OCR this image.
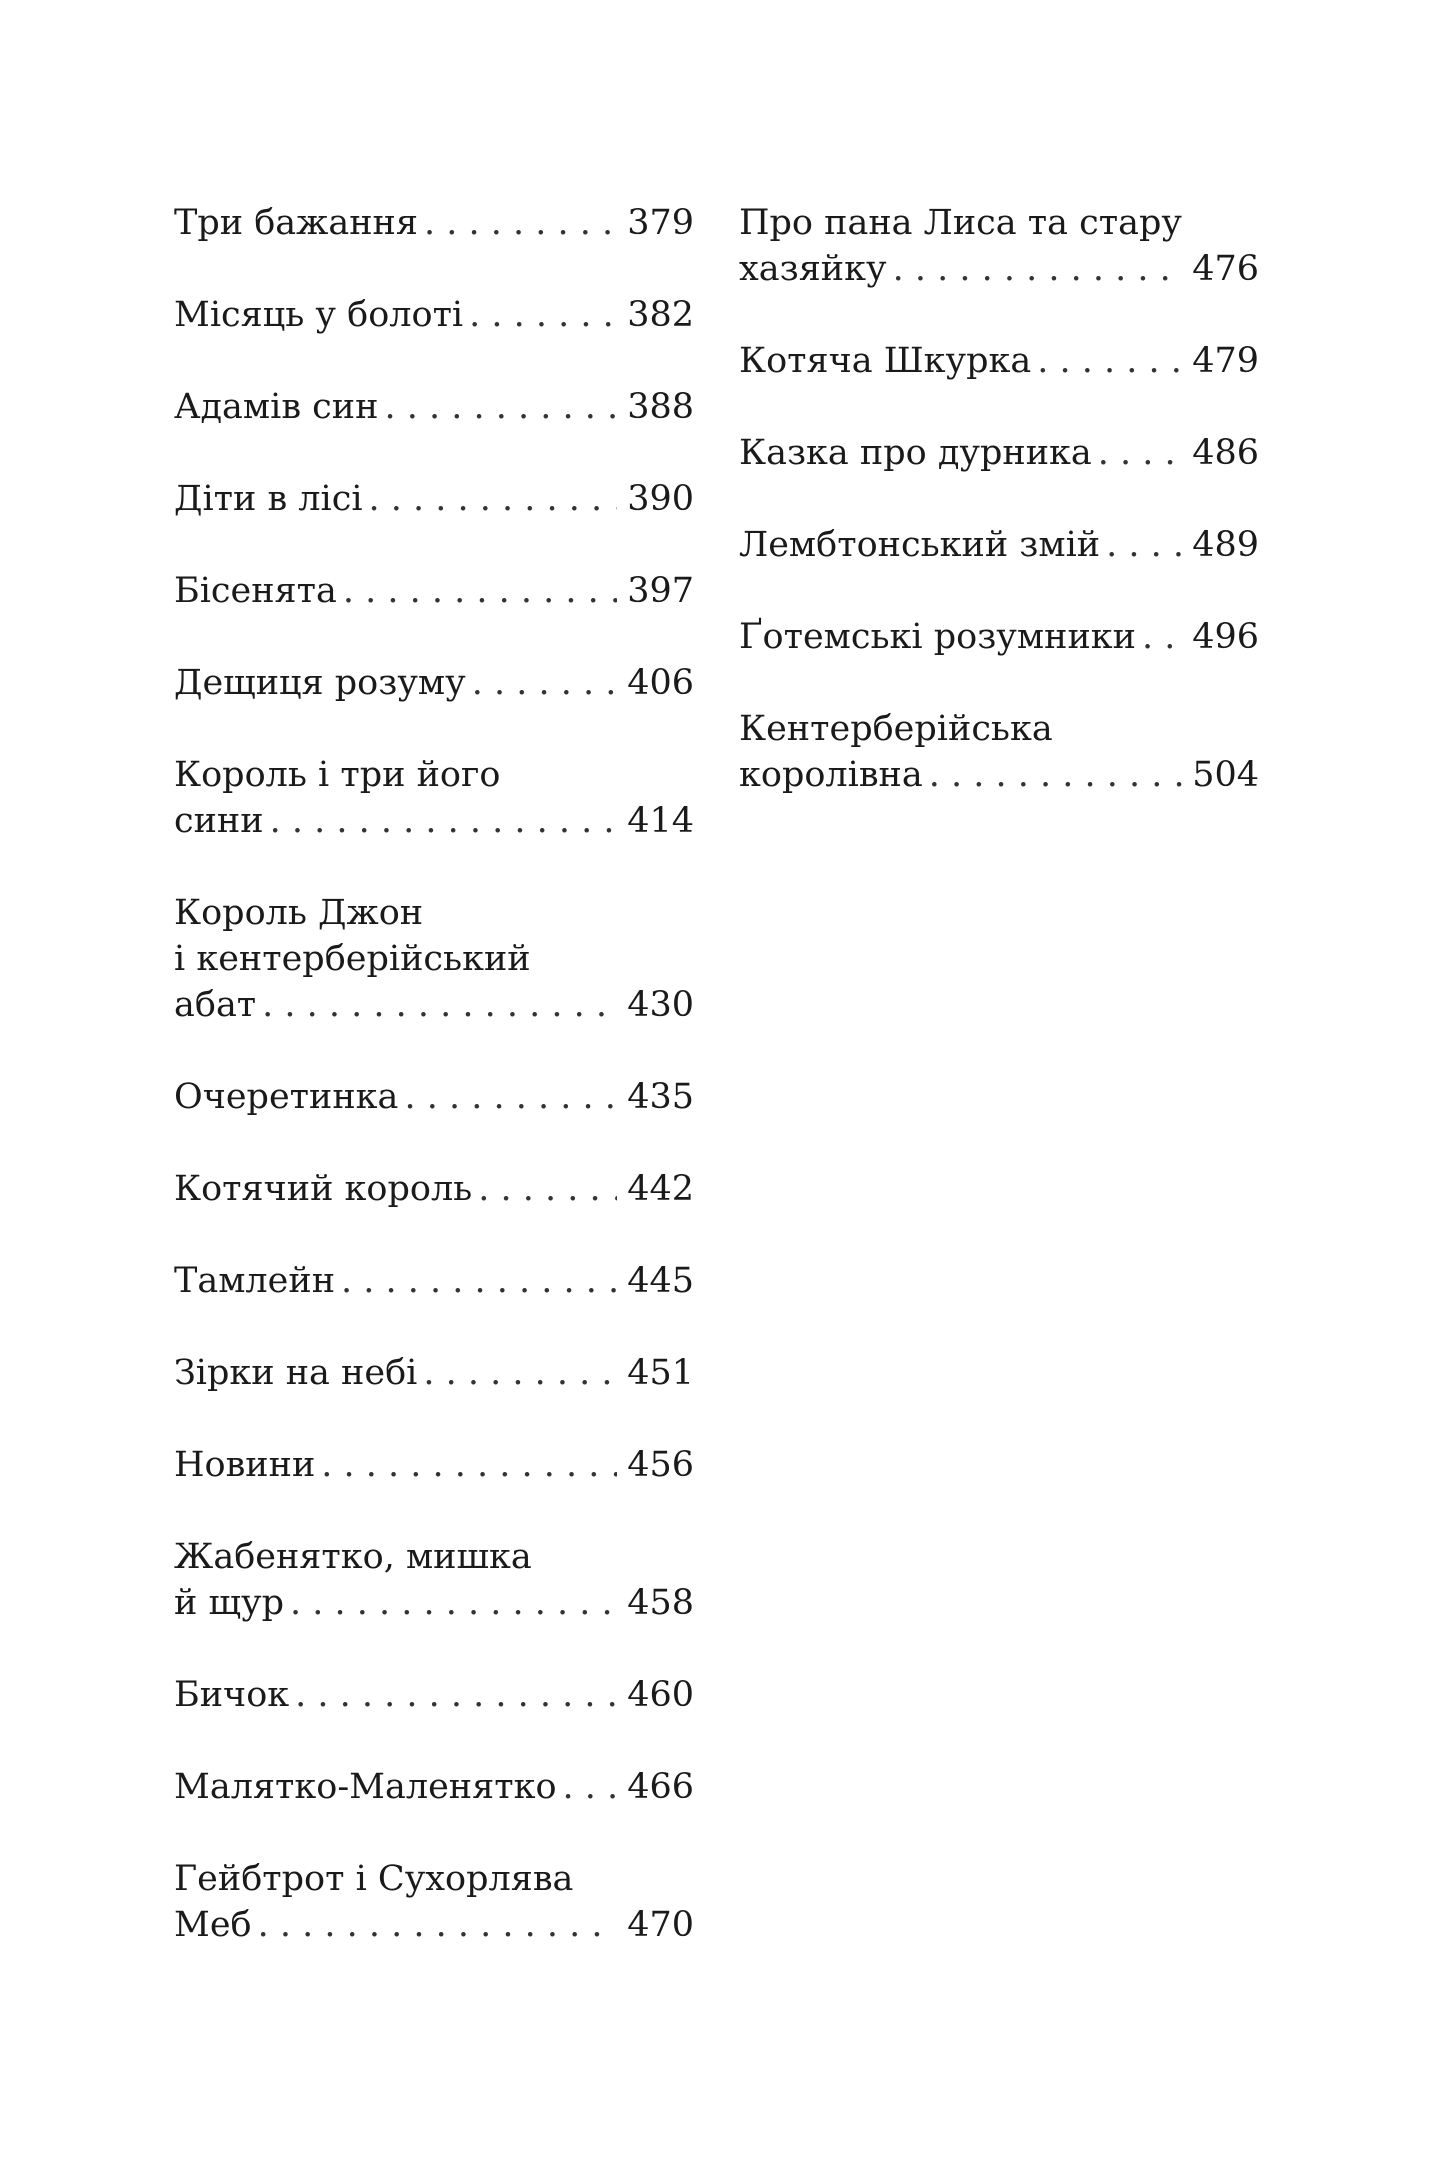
Три бажання . . .	379
Місяць у болоті . . .	382
Адамів син . . .	388
Діти в лісі . . .	390
Бісенята . . .	397
Дещиця розуму . . .	406
Король і три його
сини . . .	414
Король Джон
і кентерберійський
абат . . .	430
Очеретинка . . .	435
Котячий король . . .	442
Тамлейн . . .	445
Зірки на небі . . .	451
Новини . . .	456
Жабенятко, мишка
й щур . . .	458
Бичок . . .	460
Малятко-Маленятко . . . 466
Гейбтрот і Сухорлява
Меб . . .	470
Про пана Лиса та стару
хазяйку . . .	476
Котяча Шкурка . . .	479
Казка про дурника . . .	486
Лембтонський змій . . .	489
Ґотемські розумники . . . 496
Кентерберійська
королівна . . .	504
